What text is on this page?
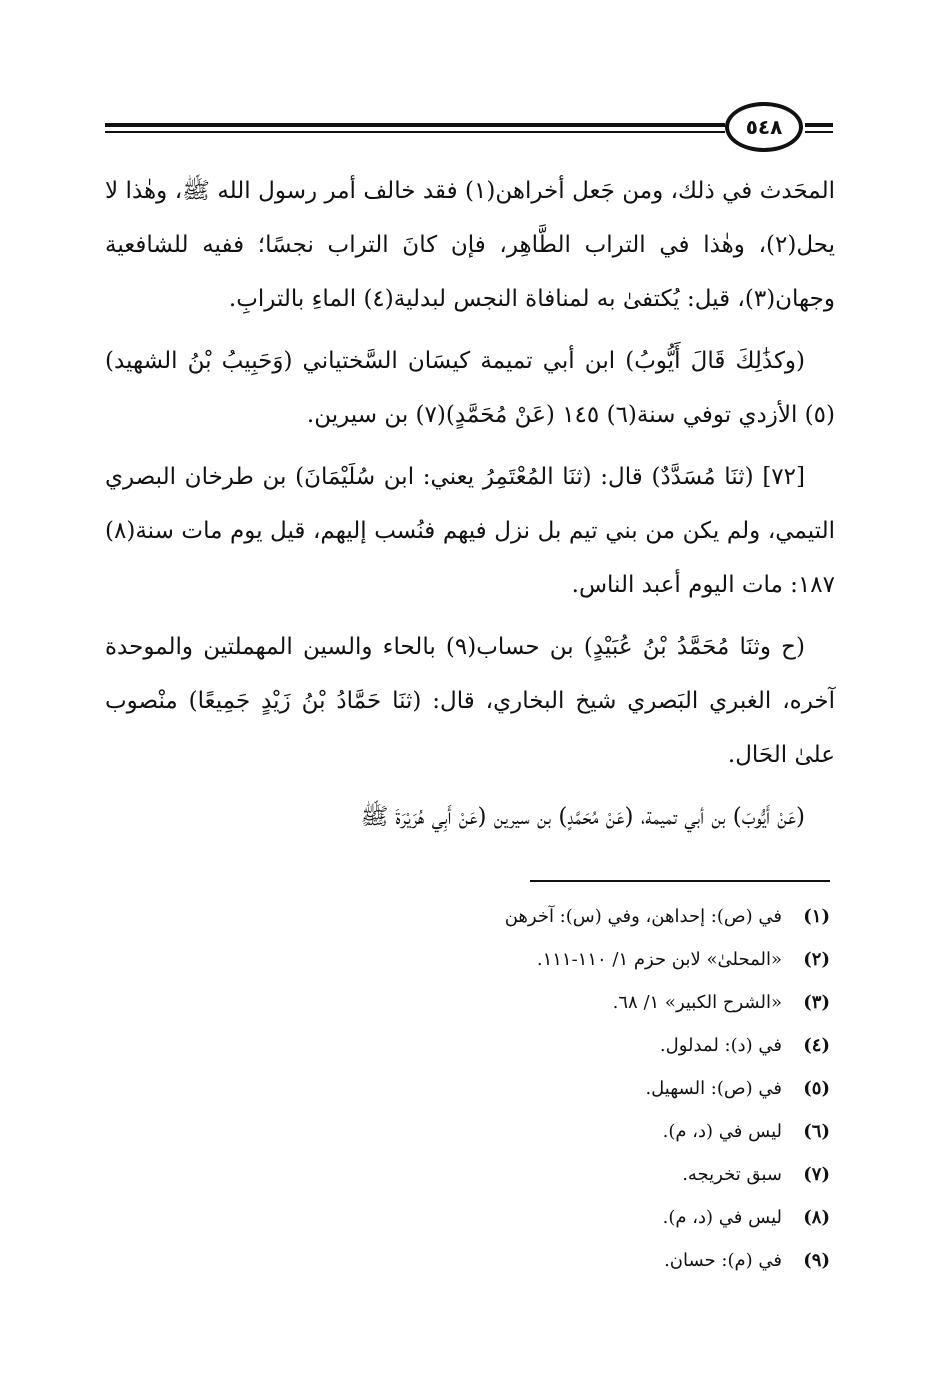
٥٤٨

المحَدث في ذلك، ومن جَعل أخراهن(١) فقد خالف أمر رسول الله ﷺ، وهٰذا لا يحل(٢)، وهٰذا في التراب الطَّاهِر، فإن كانَ التراب نجسًا؛ ففيه للشافعية وجهان(٣)، قيل: يُكتفىٰ به لمنافاة النجس لبدلية(٤) الماءِ بالترابِ.

(وكذَٰلِكَ قَالَ أَيُّوبُ) ابن أبي تميمة كيسَان السَّختياني (وَحَبِيبُ بْنُ الشهيد)(٥) الأزدي توفي سنة(٦) ١٤٥ (عَنْ مُحَمَّدٍ)(٧) بن سيرين.

[٧٢] (ثنَا مُسَدَّدٌ) قال: (ثنَا المُعْتَمِرُ يعني: ابن سُلَيْمَانَ) بن طرخان البصري التيمي، ولم يكن من بني تيم بل نزل فيهم فنُسب إليهم، قيل يوم مات سنة(٨) ١٨٧: مات اليوم أعبد الناس.

(ح وثنَا مُحَمَّدُ بْنُ عُبَيْدٍ) بن حساب(٩) بالحاء والسين المهملتين والموحدة آخره، الغبري البَصري شيخ البخاري، قال: (ثنَا حَمَّادُ بْنُ زَيْدٍ جَمِيعًا) منْصوب علىٰ الحَال.

(عَنْ أَيُّوبَ) بن أبي تميمة، (عَنْ مُحَمَّدٍ) بن سيرين (عَنْ أَبِي هُرَيْرَةَ ﷺ

(١)
في (ص): إحداهن، وفي (س): آخرهن
(٢)
«المحلىٰ» لابن حزم ١/ ١١٠-١١١.
(٣)
«الشرح الكبير» ١/ ٦٨.
(٤)
في (د): لمدلول.
(٥)
في (ص): السهيل.
(٦)
ليس في (د، م).
(٧)
سبق تخريجه.
(٨)
ليس في (د، م).
(٩)
في (م): حسان.
